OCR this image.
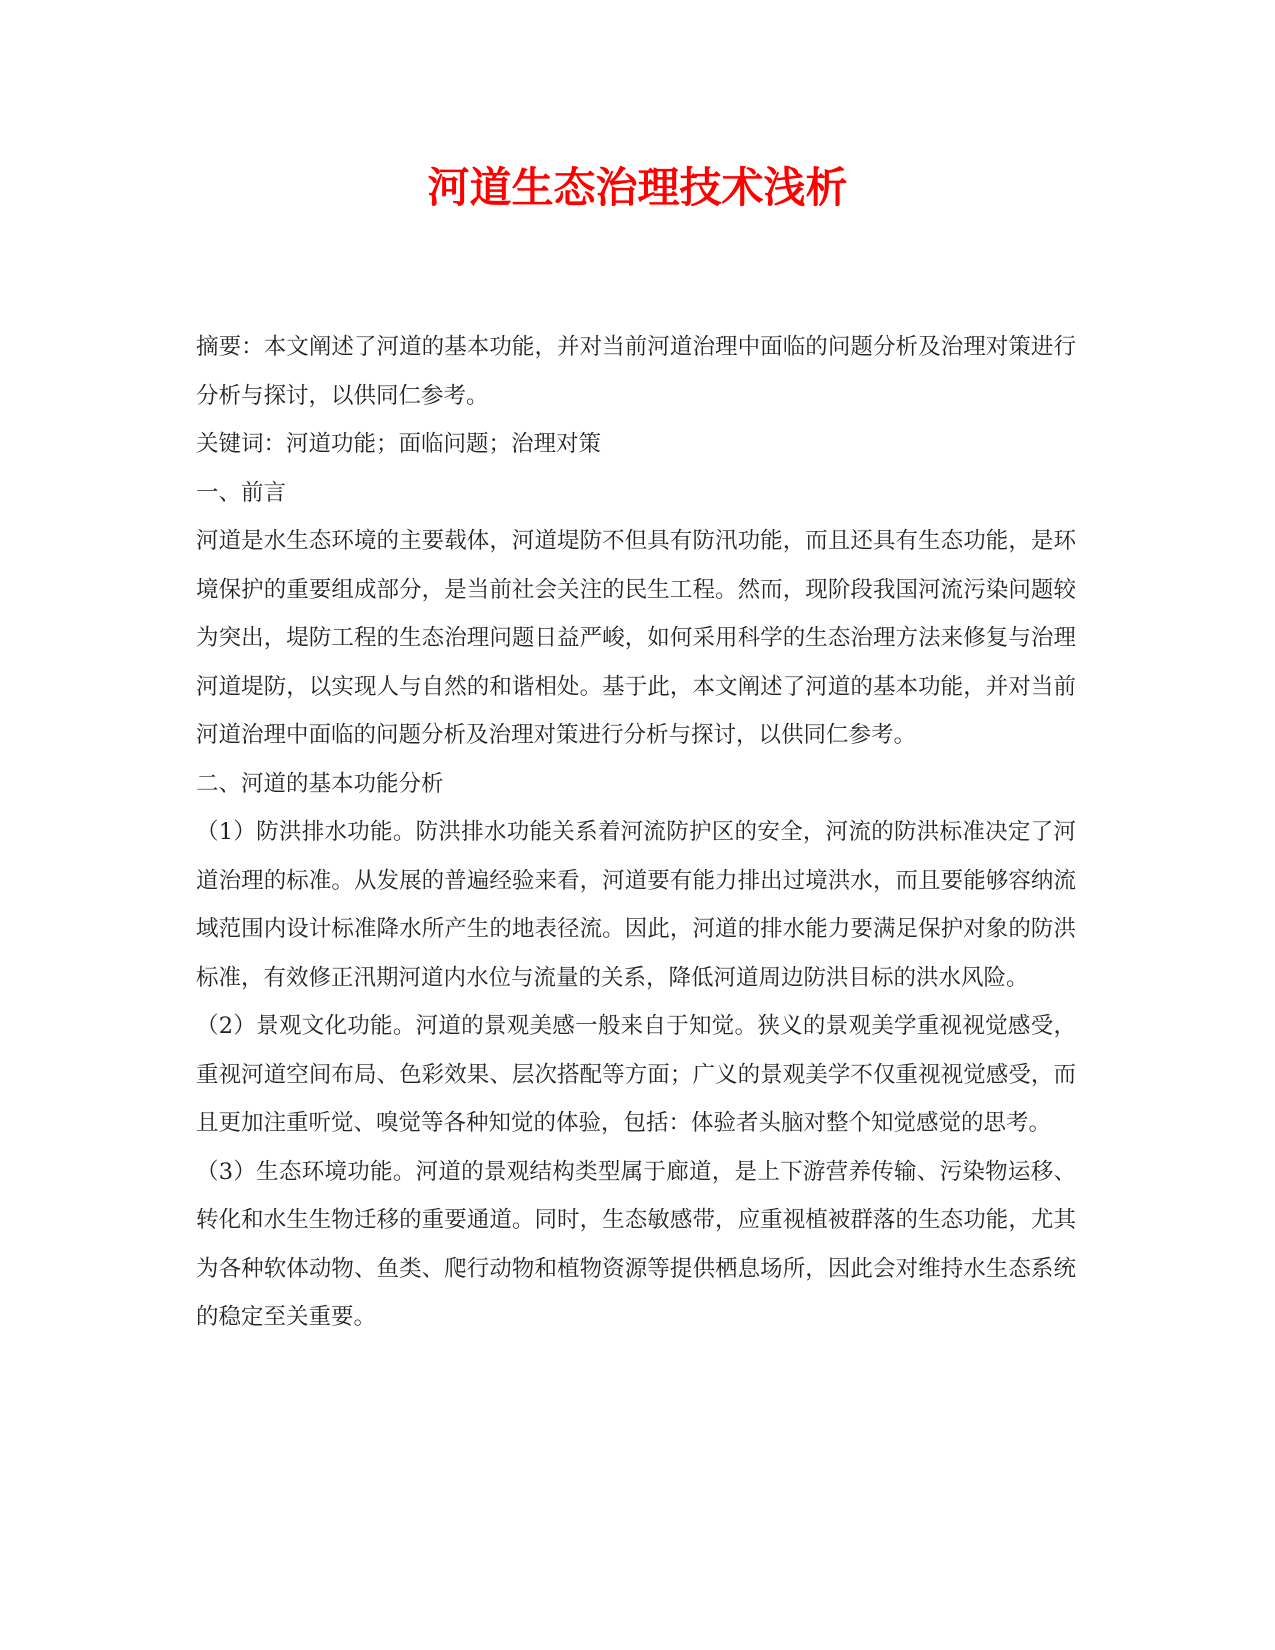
河道生态治理技术浅析

摘要：本文阐述了河道的基本功能，并对当前河道治理中面临的问题分析及治理对策进行分析与探讨，以供同仁参考。

关键词：河道功能；面临问题；治理对策

一、前言

河道是水生态环境的主要载体，河道堤防不但具有防汛功能，而且还具有生态功能，是环境保护的重要组成部分，是当前社会关注的民生工程。然而，现阶段我国河流污染问题较为突出，堤防工程的生态治理问题日益严峻，如何采用科学的生态治理方法来修复与治理河道堤防，以实现人与自然的和谐相处。基于此，本文阐述了河道的基本功能，并对当前河道治理中面临的问题分析及治理对策进行分析与探讨，以供同仁参考。

二、河道的基本功能分析

（1）防洪排水功能。防洪排水功能关系着河流防护区的安全，河流的防洪标准决定了河道治理的标准。从发展的普遍经验来看，河道要有能力排出过境洪水，而且要能够容纳流域范围内设计标准降水所产生的地表径流。因此，河道的排水能力要满足保护对象的防洪标准，有效修正汛期河道内水位与流量的关系，降低河道周边防洪目标的洪水风险。

（2）景观文化功能。河道的景观美感一般来自于知觉。狭义的景观美学重视视觉感受，重视河道空间布局、色彩效果、层次搭配等方面；广义的景观美学不仅重视视觉感受，而且更加注重听觉、嗅觉等各种知觉的体验，包括：体验者头脑对整个知觉感觉的思考。

（3）生态环境功能。河道的景观结构类型属于廊道，是上下游营养传输、污染物运移、转化和水生生物迁移的重要通道。同时，生态敏感带，应重视植被群落的生态功能，尤其为各种软体动物、鱼类、爬行动物和植物资源等提供栖息场所，因此会对维持水生态系统的稳定至关重要。
